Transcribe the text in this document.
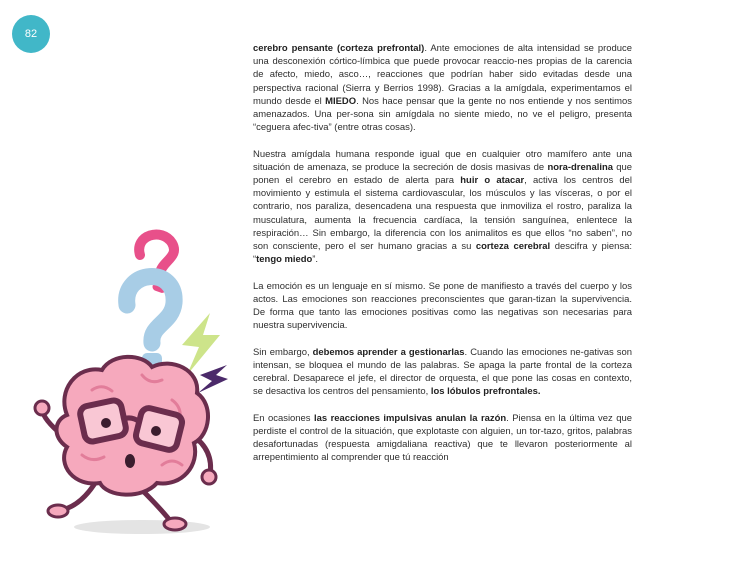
82

cerebro pensante (corteza prefrontal). Ante emociones de alta intensidad se produce una desconexión córtico-límbica que puede provocar reaccio-nes propias de la carencia de afecto, miedo, asco…, reacciones que podrían haber sido evitadas desde una perspectiva racional (Sierra y Berrios 1998). Gracias a la amígdala, experimentamos el mundo desde el MIEDO. Nos hace pensar que la gente no nos entiende y nos sentimos amenazados. Una per-sona sin amígdala no siente miedo, no ve el peligro, presenta “ceguera afec-tiva” (entre otras cosas).

Nuestra amígdala humana responde igual que en cualquier otro mamífero ante una situación de amenaza, se produce la secreción de dosis masivas de nora-drenalina que ponen el cerebro en estado de alerta para huir o atacar, activa los centros del movimiento y estimula el sistema cardiovascular, los músculos y las vísceras, o por el contrario, nos paraliza, desencadena una respuesta que inmoviliza el rostro, paraliza la musculatura, aumenta la frecuencia cardíaca, la tensión sanguínea, enlentece la respiración… Sin embargo, la diferencia con los animalitos es que ellos “no saben”, no son consciente, pero el ser humano gracias a su corteza cerebral descifra y piensa: “tengo miedo”.

La emoción es un lenguaje en sí mismo. Se pone de manifiesto a través del cuerpo y los actos. Las emociones son reacciones preconscientes que garan-tizan la supervivencia. De forma que tanto las emociones positivas como las negativas son necesarias para nuestra supervivencia.

Sin embargo, debemos aprender a gestionarlas. Cuando las emociones ne-gativas son intensan, se bloquea el mundo de las palabras. Se apaga la parte frontal de la corteza cerebral. Desaparece el jefe, el director de orquesta, el que pone las cosas en contexto, se desactiva los centros del pensamiento, los lóbulos prefrontales.

En ocasiones las reacciones impulsivas anulan la razón. Piensa en la última vez que perdiste el control de la situación, que explotaste con alguien, un tor-tazo, gritos, palabras desafortunadas (respuesta amigdaliana reactiva) que te llevaron posteriormente al arrepentimiento al comprender que tú reacción
